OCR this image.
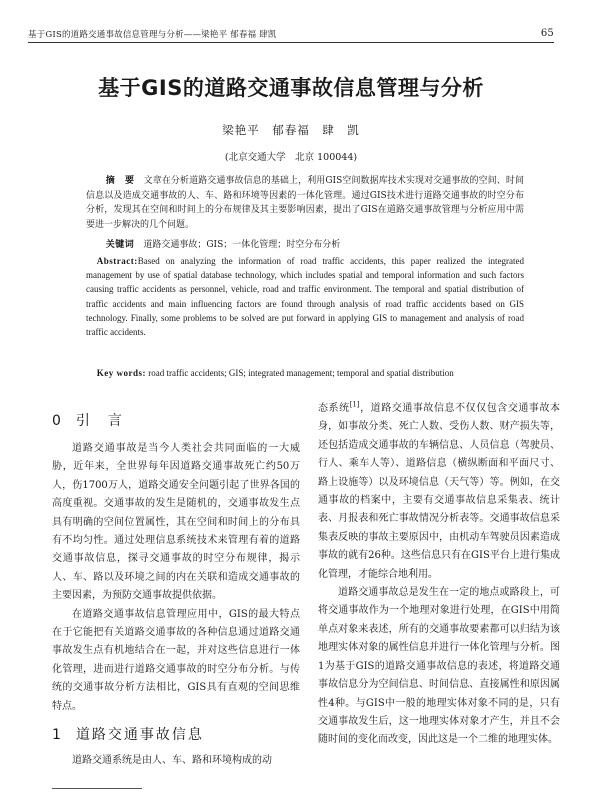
基于GIS的道路交通事故信息管理与分析——梁艳平 郁春福 肆凯	65
基于GIS的道路交通事故信息管理与分析
梁艳平　郁春福　肆　凯
(北京交通大学　北京 100044)
摘　要　 文章在分析道路交通事故信息的基础上，利用GIS空间数据库技术实现对交通事故的空间、时间信息以及造成交通事故的人、车、路和环境等因素的一体化管理。通过GIS技术进行道路交通事故的时空分布分析，发现其在空间和时间上的分布规律及其主要影响因素，提出了GIS在道路交通事故管理与分析应用中需要进一步解决的几个问题。
关键词　 道路交通事故；GIS；一体化管理；时空分布分析
Abstract:Based on analyzing the information of road traffic accidents, this paper realized the integrated management by use of spatial database technology, which includes spatial and temporal information and such factors causing traffic accidents as personnel, vehicle, road and traffic environment. The temporal and spatial distribution of traffic accidents and main influencing factors are found through analysis of road traffic accidents based on GIS technology. Finally, some problems to be solved are put forward in applying GIS to management and analysis of road traffic accidents.
Key words: road traffic accidents; GIS; integrated management; temporal and spatial distribution
0 引　言

道路交通事故是当今人类社会共同面临的一大威胁，近年来，全世界每年因道路交通事故死亡约50万人，伤1700万人，道路交通安全问题引起了世界各国的高度重视。交通事故的发生是随机的，交通事故发生点具有明确的空间位置属性，其在空间和时间上的分布具有不均匀性。通过处理信息系统技术来管理有着的道路交通事故信息，探寻交通事故的时空分布规律，揭示人、车、路以及环境之间的内在关联和造成交通事故的主要因素，为预防交通事故提供依据。

在道路交通事故信息管理应用中，GIS的最大特点在于它能把有关道路交通事故的各种信息通过道路交通事故发生点有机地结合在一起，并对这些信息进行一体化管理，进而进行道路交通事故的时空分布分析。与传统的交通事故分析方法相比，GIS具有直观的空间思维特点。

1 道路交通事故信息

道路交通系统是由人、车、路和环境构成的动

态系统[1]，道路交通事故信息不仅仅包含交通事故本身，如事故分类、死亡人数、受伤人数、财产损失等，还包括造成交通事故的车辆信息、人员信息（驾驶员、行人、乘车人等）、道路信息（横纵断面和平面尺寸、路上设施等）以及环境信息（天气等）等。例如，在交通事故的档案中，主要有交通事故信息采集表、统计表、月报表和死亡事故情况分析表等。交通事故信息采集表反映的事故主要原因中，由机动车驾驶员因素造成事故的就有26种。这些信息只有在GIS平台上进行集成化管理，才能综合地利用。

道路交通事故总是发生在一定的地点或路段上，可将交通事故作为一个地理对象进行处理，在GIS中用简单点对象来表述，所有的交通事故要素都可以归结为该地理实体对象的属性信息并进行一体化管理与分析。图1为基于GIS的道路交通事故信息的表述，将道路交通事故信息分为空间信息、时间信息、直接属性和原因属性4种。与GIS中一般的地理实体对象不同的是，只有交通事故发生后，这一地理实体对象才产生，并且不会随时间的变化而改变，因此这是一个二维的地理实体。
